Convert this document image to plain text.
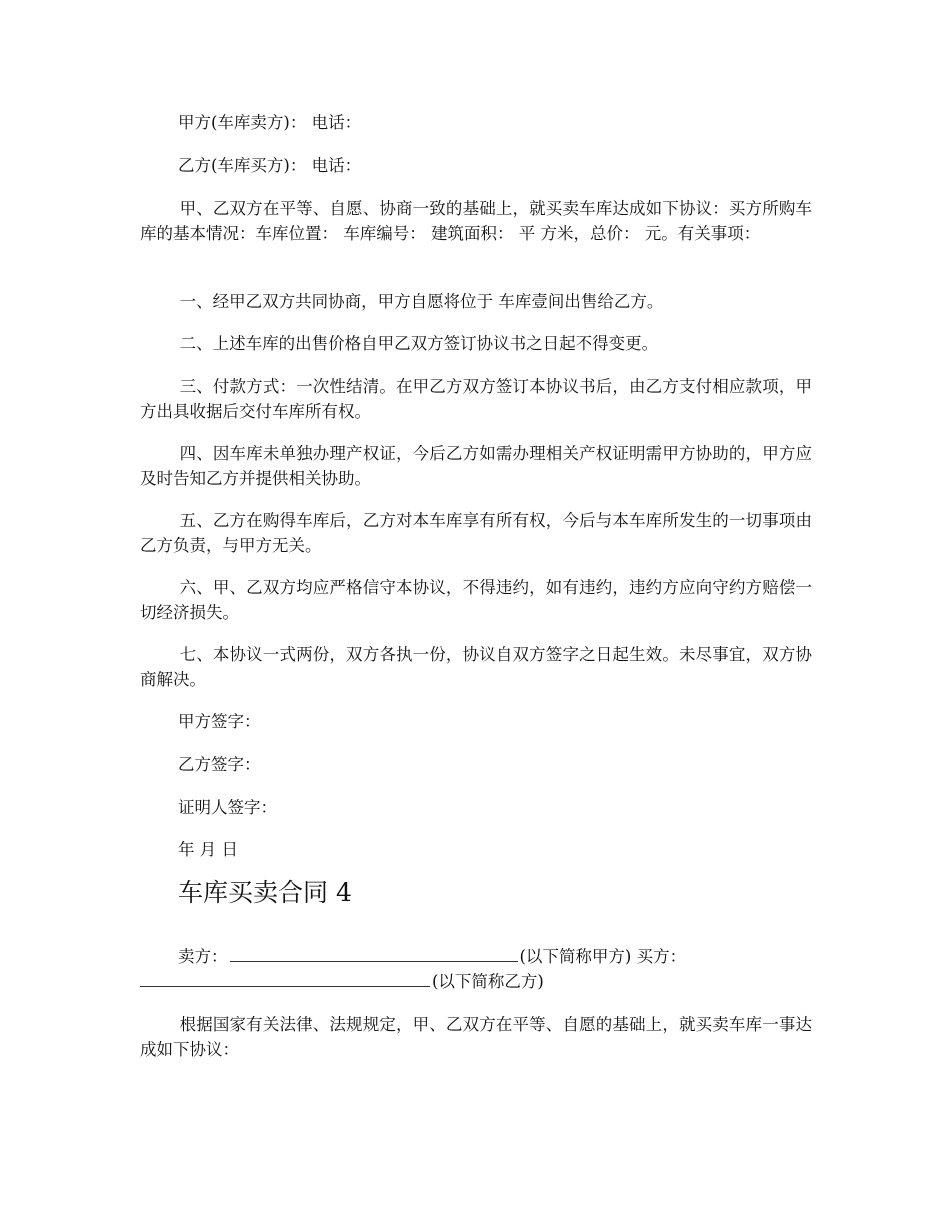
甲方(车库卖方)： 电话：
乙方(车库买方)： 电话：

甲、乙双方在平等、自愿、协商一致的基础上，就买卖车库达成如下协议：买方所购车库的基本情况：车库位置： 车库编号： 建筑面积： 平 方米，总价： 元。有关事项：

一、经甲乙双方共同协商，甲方自愿将位于 车库壹间出售给乙方。

二、上述车库的出售价格自甲乙双方签订协议书之日起不得变更。

三、付款方式：一次性结清。在甲乙方双方签订本协议书后，由乙方支付相应款项，甲方出具收据后交付车库所有权。

四、因车库未单独办理产权证，今后乙方如需办理相关产权证明需甲方协助的，甲方应及时告知乙方并提供相关协助。

五、乙方在购得车库后，乙方对本车库享有所有权，今后与本车库所发生的一切事项由乙方负责，与甲方无关。

六、甲、乙双方均应严格信守本协议，不得违约，如有违约，违约方应向守约方赔偿一切经济损失。

七、本协议一式两份，双方各执一份，协议自双方签字之日起生效。未尽事宜，双方协商解决。

甲方签字：
乙方签字：
证明人签字：
年 月 日
车库买卖合同 4
卖方：	(以下简称甲方) 买方：
(以下简称乙方)

根据国家有关法律、法规规定，甲、乙双方在平等、自愿的基础上，就买卖车库一事达成如下协议：
